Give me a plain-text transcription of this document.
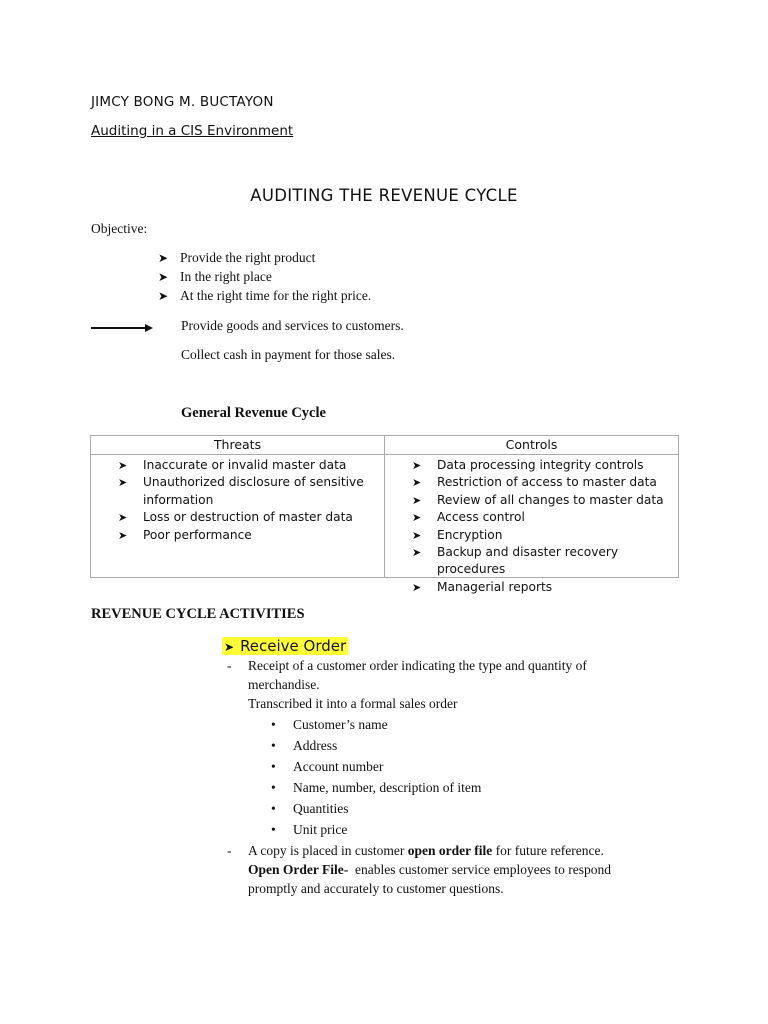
JIMCY BONG M. BUCTAYON
Auditing in a CIS Environment
AUDITING THE REVENUE CYCLE
Objective:
➤ Provide the right product
➤ In the right place
➤ At the right time for the right price.
Provide goods and services to customers.
Collect cash in payment for those sales.
General Revenue Cycle
Threats
➤ Inaccurate or invalid master data
➤ Unauthorized disclosure of sensitive information
➤ Loss or destruction of master data
➤ Poor performance
Controls
➤ Data processing integrity controls
➤ Restriction of access to master data
➤ Review of all changes to master data
➤ Access control
➤ Encryption
➤ Backup and disaster recovery procedures
➤ Managerial reports
REVENUE CYCLE ACTIVITIES
➤ Receive Order
- Receipt of a customer order indicating the type and quantity of
merchandise.
Transcribed it into a formal sales order
• Customer’s name
• Address
• Account number
• Name, number, description of item
• Quantities
• Unit price
- A copy is placed in customer open order file for future reference.
Open Order File-  enables customer service employees to respond
promptly and accurately to customer questions.
